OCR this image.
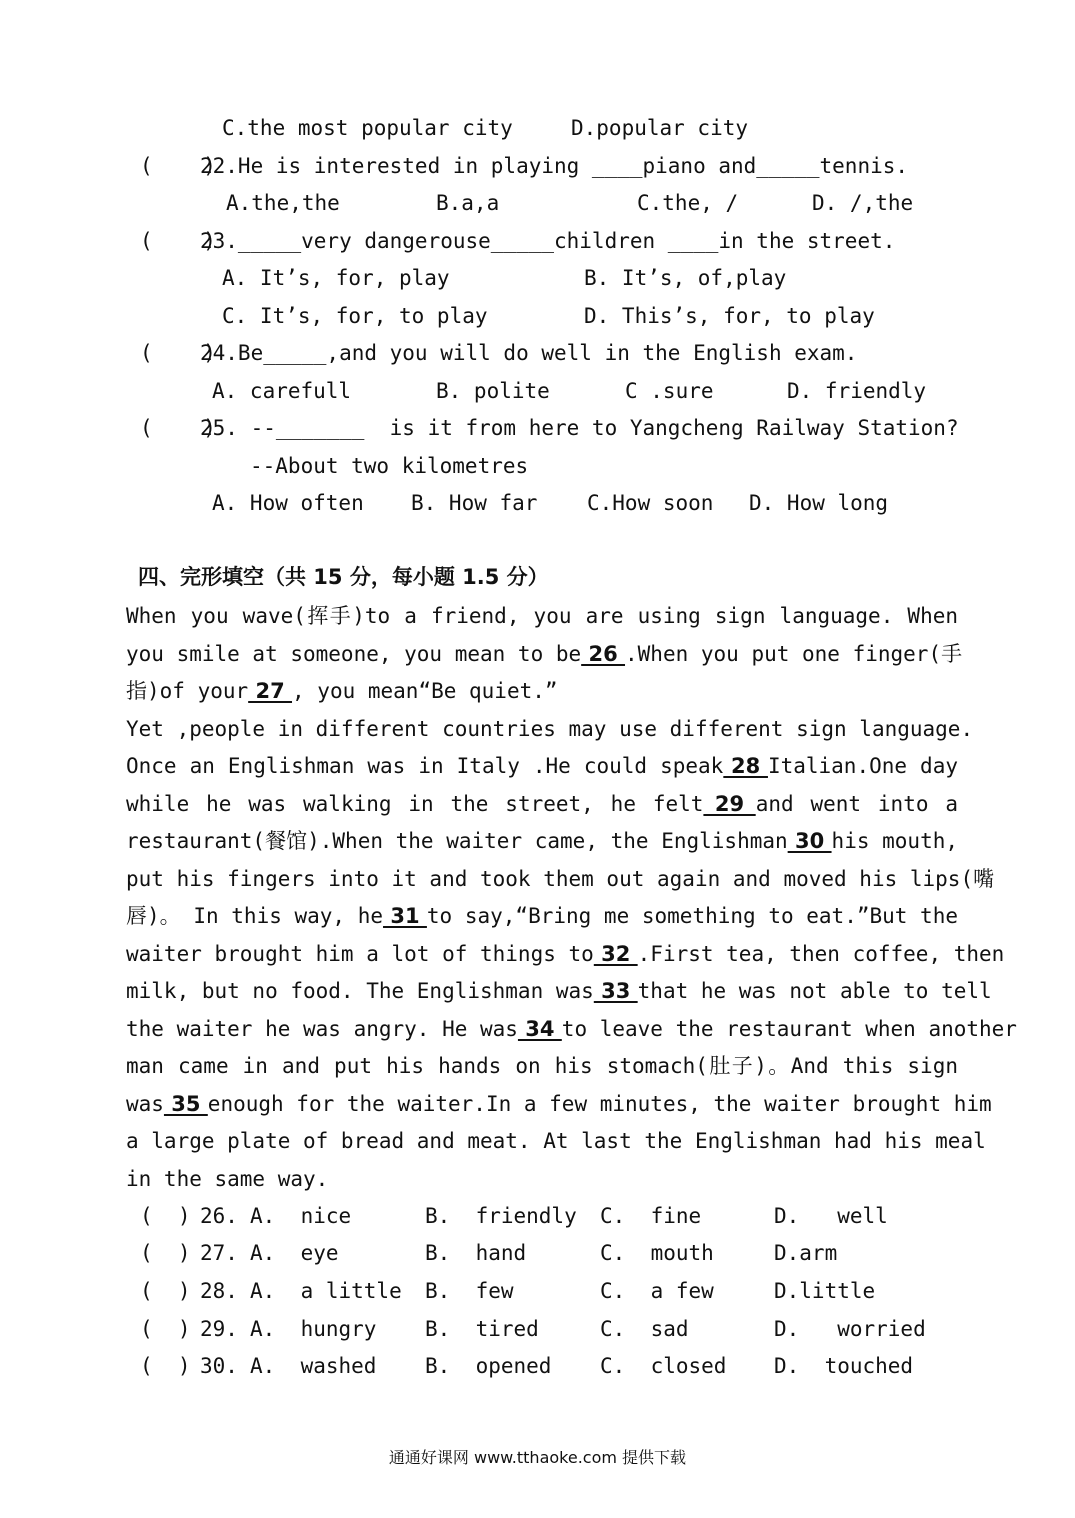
C.the most popular city	D.popular city
(    )
22.He is interested in playing ____piano and_____tennis.
A.the,the	B.a,a	C.the, /	D. /,the
(    )
23._____very dangerouse_____children ____in the street.
A. It’s, for, play	B. It’s, of,play
C. It’s, for, to play	D. This’s, for, to play
(    )
24.Be_____,and you will do well in the English exam.
A. carefull	B. polite	C .sure	D. friendly
(    )
25. --_______  is it from here to Yangcheng Railway Station?
--About two kilometres
A. How often B. How far C.How soon D. How long
四、完形填空（共 15 分，每小题 1.5 分）
When you wave(挥手)to a friend, you are using sign language. When
you smile at someone, you mean to be 26 .When you put one finger(手
指)of your 27 , you mean“Be quiet.”
Yet ,people in different countries may use different sign language.
Once an Englishman was in Italy .He could speak 28 Italian.One day
while he was walking in the street, he felt 29 and went into a
restaurant(餐馆).When the waiter came, the Englishman 30 his mouth,
put his fingers into it and took them out again and moved his lips(嘴
唇)。 In this way, he 31 to say,“Bring me something to eat.”But the
waiter brought him a lot of things to 32 .First tea, then coffee, then
milk, but no food. The Englishman was 33 that he was not able to tell
the waiter he was angry. He was 34 to leave the restaurant when another
man came in and put his hands on his stomach(肚子)。And this sign
was 35 enough for the waiter.In a few minutes, the waiter brought him
a large plate of bread and meat. At last the Englishman had his meal
in the same way.
(  ) 26. A.  nice	B.  friendly C.  fine	D.   well
(  ) 27. A.  eye	B.  hand	C.  mouth	D.arm
(  ) 28. A.  a little B.  few	C.  a few	D.little
(  ) 29. A.  hungry B.  tired	C.  sad	D.   worried
(  ) 30. A.  washed B.  opened C.  closed D.  touched
通通好课网 www.tthaoke.com 提供下载
